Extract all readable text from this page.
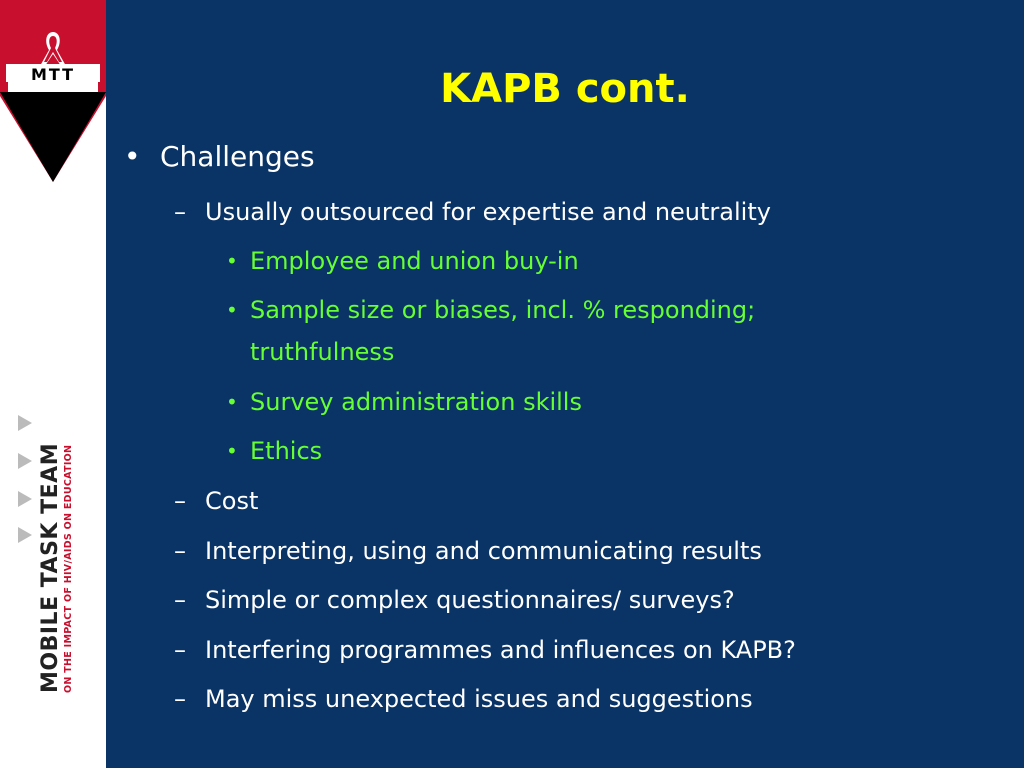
MTT
MOBILE TASK TEAM ON THE IMPACT OF HIV/AIDS ON EDUCATION
KAPB cont.
• Challenges
– Usually outsourced for expertise and neutrality
• Employee and union buy-in
• Sample size or biases, incl. % responding; truthfulness
• Survey administration skills
• Ethics
– Cost
– Interpreting, using and communicating results
– Simple or complex questionnaires/ surveys?
– Interfering programmes and influences on KAPB?
– May miss unexpected issues and suggestions
